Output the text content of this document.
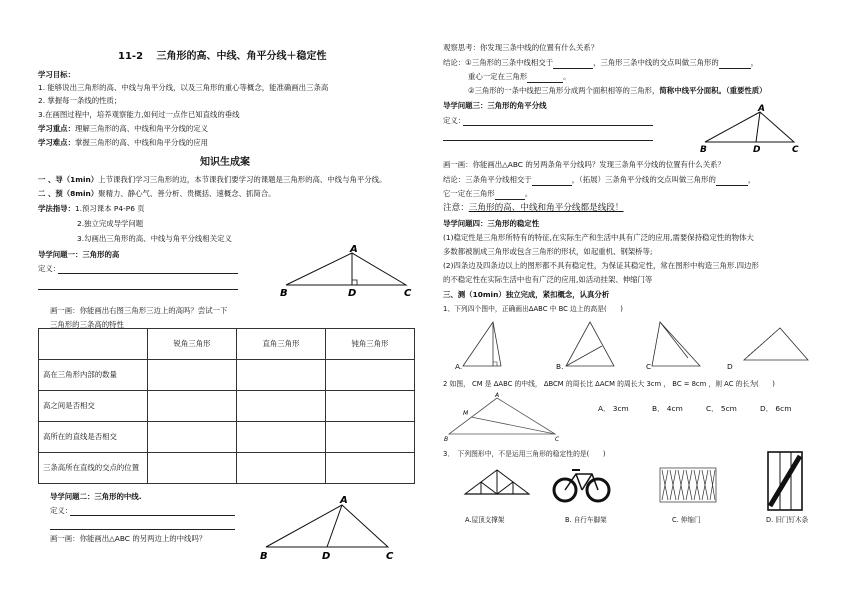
11-2　 三角形的高、中线、角平分线＋稳定性
学习目标：
1. 能够说出三角形的高、中线与角平分线，以及三角形的重心等概念，能准确画出三条高
2. 掌握每一条线的性质；
3.在画图过程中，培养观察能力,如何过一点作已知直线的垂线
学习重点：理解三角形的高、中线和角平分线的定义
学习难点：掌握三角形的高、中线和角平分线的应用
知识生成案
一 、导（1min）上节课我们学习三角形的边，本节课我们要学习的课题是三角形的高、中线与角平分线。
二 、预（8min）聚精力、静心气、善分析、贵概括、速概念、抓简合。
学法指导：1.预习课本 P4-P6 页
2.独立完成导学问题
3.勾画出三角形的高、中线与角平分线相关定义
导学问题一：三角形的高
定义：
A
B	D	C
画一画：你能画出右图三角形三边上的高吗？尝试一下
三角形的三条高的特性
	锐角三角形	直角三角形	钝角三角形
高在三角形内部的数量			
高之间是否相交			
高所在的直线是否相交			
三条高所在直线的交点的位置			
导学问题二：三角形的中线.
定义：
画一画：你能画出△ABC 的另两边上的中线吗？
A
B	D	C
观察思考：你发现三条中线的位置有什么关系？
结论：①三角形的三条中线相交于	，三角形三条中线的交点叫做三角形的	，
重心一定在三角形	。
②三角形的一条中线把三角形分成两个面积相等的三角形，简称中线平分面积。（重要性质）
导学问题三：三角形的角平分线
定义：
A
B	D	C
画一画：你能画出△ABC 的另两条角平分线吗？发现三条角平分线的位置有什么关系？
结论：三条角平分线相交于	，（拓展）三条角平分线的交点叫做三角形的	，
它一定在三角形	。
注意：三角形的高、中线和角平分线都是线段！
导学问题四：三角形的稳定性
(1)稳定性是三角形所特有的特征,在实际生产和生活中具有广泛的应用,需要保持稳定性的物体大
多数都被制成三角形或包含三角形的形状，如起重机、钢架桥等;
(2)四条边及四条边以上的图形都不具有稳定性，为保证其稳定性，常在图形中构造三角形.四边形
的不稳定性在实际生活中也有广泛的应用,如活动挂架、伸缩门等
三、测（10min）独立完成，紧扣概念，认真分析
1、下列四个图中，正确画出ΔABC 中 BC 边上的高是(　　)
A.	B.	C	D
2 如图， CM 是 ΔABC 的中线， ΔBCM 的周长比 ΔACM 的周长大 3cm ， BC = 8cm ，则 AC 的长为(　　)
A
B	C
M
A． 3cm	B． 4cm	C． 5cm	D． 6cm
3．　下列图形中，不是运用三角形的稳定性的是(　　)
A.屋顶支撑架	B. 自行车脚架	C. 伸缩门	D. 旧门钉木条
